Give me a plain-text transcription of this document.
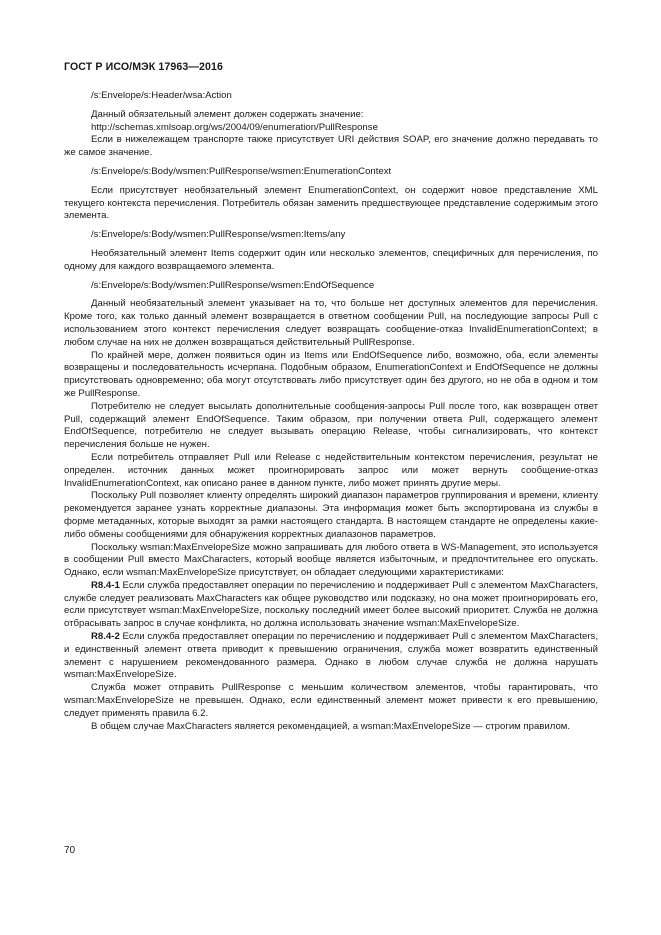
ГОСТ Р ИСО/МЭК 17963—2016

/s:Envelope/s:Header/wsa:Action

Данный обязательный элемент должен содержать значение:

http://schemas.xmlsoap.org/ws/2004/09/enumeration/PullResponse

Если в нижележащем транспорте также присутствует URI действия SOAP, его значение должно передавать то же самое значение.

/s:Envelope/s:Body/wsmen:PullResponse/wsmen:EnumerationContext

Если присутствует необязательный элемент EnumerationContext, он содержит новое представление XML текущего контекста перечисления. Потребитель обязан заменить предшествующее представление содержимым этого элемента.

/s:Envelope/s:Body/wsmen:PullResponse/wsmen:Items/any

Необязательный элемент Items содержит один или несколько элементов, специфичных для перечисления, по одному для каждого возвращаемого элемента.

/s:Envelope/s:Body/wsmen:PullResponse/wsmen:EndOfSequence

Данный необязательный элемент указывает на то, что больше нет доступных элементов для перечисления. Кроме того, как только данный элемент возвращается в ответном сообщении Pull, на последующие запросы Pull с использованием этого контекст перечисления следует возвращать сообщение-отказ InvalidEnumerationContext; в любом случае на них не должен возвращаться действительный PullResponse.

По крайней мере, должен появиться один из Items или EndOfSequence либо, возможно, оба, если элементы возвращены и последовательность исчерпана. Подобным образом, EnumerationContext и EndOfSequence не должны присутствовать одновременно; оба могут отсутствовать либо присутствует один без другого, но не оба в одном и том же PullResponse.

Потребителю не следует высылать дополнительные сообщения-запросы Pull после того, как возвращен ответ Pull, содержащий элемент EndOfSequence. Таким образом, при получении ответа Pull, содержащего элемент EndOfSequence, потребителю не следует вызывать операцию Release, чтобы сигнализировать, что контекст перечисления больше не нужен.

Если потребитель отправляет Pull или Release с недействительным контекстом перечисления, результат не определен. источник данных может проигнорировать запрос или может вернуть сообщение-отказ InvalidEnumerationContext, как описано ранее в данном пункте, либо может принять другие меры.

Поскольку Pull позволяет клиенту определять широкий диапазон параметров группирования и времени, клиенту рекомендуется заранее узнать корректные диапазоны. Эта информация может быть экспортирована из службы в форме метаданных, которые выходят за рамки настоящего стандарта. В настоящем стандарте не определены какие-либо обмены сообщениями для обнаружения корректных диапазонов параметров.

Поскольку wsman:MaxEnvelopeSize можно запрашивать для любого ответа в WS-Management, это используется в сообщении Pull вместо MaxCharacters, который вообще является избыточным, и предпочтительнее его опускать. Однако, если wsman:MaxEnvelopeSize присутствует, он обладает следующими характеристиками:

R8.4-1 Если служба предоставляет операции по перечислению и поддерживает Pull с элементом MaxCharacters, службе следует реализовать MaxCharacters как общее руководство или подсказку, но она может проигнорировать его, если присутствует wsman:MaxEnvelopeSize, поскольку последний имеет более высокий приоритет. Служба не должна отбрасывать запрос в случае конфликта, но должна использовать значение wsman:MaxEnvelopeSize.

R8.4-2 Если служба предоставляет операции по перечислению и поддерживает Pull с элементом MaxCharacters, и единственный элемент ответа приводит к превышению ограничения, служба может возвратить единственный элемент с нарушением рекомендованного размера. Однако в любом случае служба не должна нарушать wsman:MaxEnvelopeSize.

Служба может отправить PullResponse с меньшим количеством элементов, чтобы гарантировать, что wsman:MaxEnvelopeSize не превышен. Однако, если единственный элемент может привести к его превышению, следует применять правила 6.2.

В общем случае MaxCharacters является рекомендацией, а wsman:MaxEnvelopeSize — строгим правилом.

70
